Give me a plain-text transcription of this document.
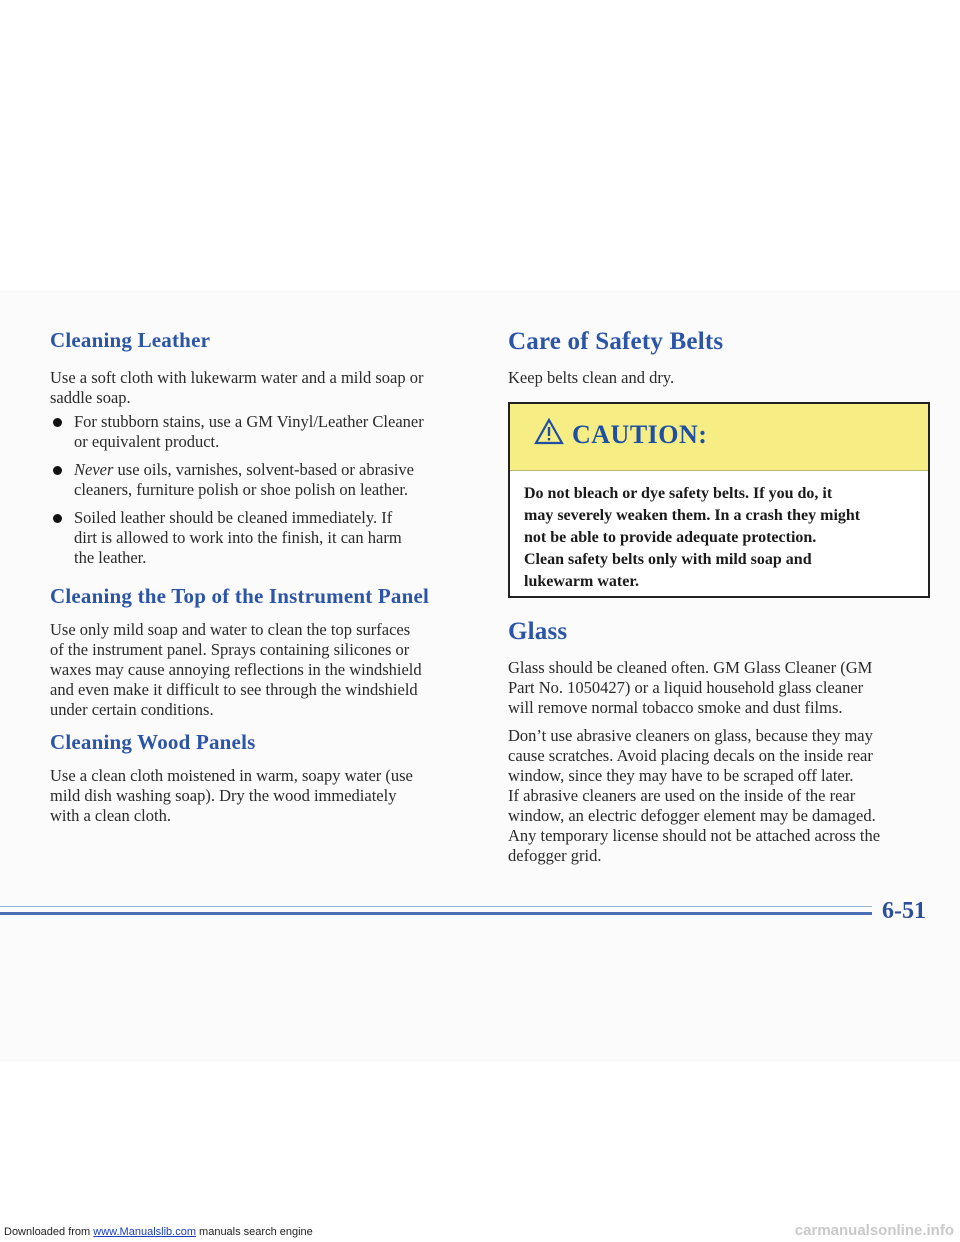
Cleaning Leather

Use a soft cloth with lukewarm water and a mild soap or
saddle soap.

For stubborn stains, use a GM Vinyl/Leather Cleaner
or equivalent product.
Never use oils, varnishes, solvent-based or abrasive
cleaners, furniture polish or shoe polish on leather.
Soiled leather should be cleaned immediately. If
dirt is allowed to work into the finish, it can harm
the leather.
Cleaning the Top of the Instrument Panel

Use only mild soap and water to clean the top surfaces
of the instrument panel. Sprays containing silicones or
waxes may cause annoying reflections in the windshield
and even make it difficult to see through the windshield
under certain conditions.

Cleaning Wood Panels

Use a clean cloth moistened in warm, soapy water (use
mild dish washing soap). Dry the wood immediately
with a clean cloth.

Care of Safety Belts

Keep belts clean and dry.

CAUTION:
Do not bleach or dye safety belts. If you do, it
may severely weaken them. In a crash they might
not be able to provide adequate protection.
Clean safety belts only with mild soap and
lukewarm water.
Glass

Glass should be cleaned often. GM Glass Cleaner (GM
Part No. 1050427) or a liquid household glass cleaner
will remove normal tobacco smoke and dust films.

Don’t use abrasive cleaners on glass, because they may
cause scratches. Avoid placing decals on the inside rear
window, since they may have to be scraped off later.
If abrasive cleaners are used on the inside of the rear
window, an electric defogger element may be damaged.
Any temporary license should not be attached across the
defogger grid.

6-51
Downloaded from www.Manualslib.com manuals search engine	carmanualsonline.info
